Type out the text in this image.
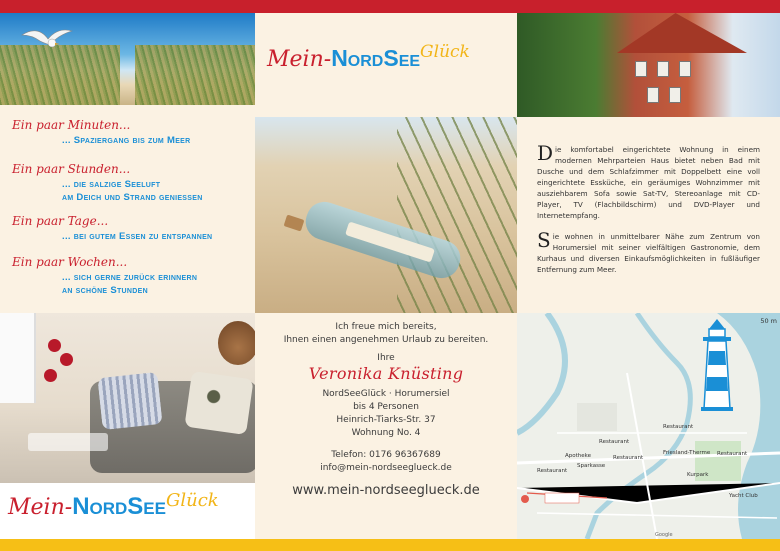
Ein paar Minuten...
... Spaziergang bis zum Meer
Ein paar Stunden...
... die salzige Seeluft
am Deich und Strand geniessen
Ein paar Tage...
... bei gutem Essen zu entspannen
Ein paar Wochen...
... sich gerne zurück erinnern
an schöne Stunden
Mein-NordSeeGlück
Mein-NordSeeGlück
Ich freue mich bereits,
Ihnen einen angenehmen Urlaub zu bereiten.
Ihre
Veronika Knüsting
NordSeeGlück · Horumersiel
bis 4 Personen
Heinrich-Tiarks-Str. 37
Wohnung No. 4
Telefon: 0176 96367689
info@mein-nordseeglueck.de
www.mein-nordseeglueck.de

Die komfortabel eingerichtete Wohnung in einem modernen Mehrparteien Haus bietet neben Bad mit Dusche und dem Schlafzimmer mit Doppelbett eine voll eingerichtete Essküche, ein geräumiges Wohnzimmer mit ausziehbarem Sofa sowie Sat-TV, Stereoanlage mit CD-Player, TV (Flachbildschirm) und DVD-Player und Internetempfang.

Sie wohnen in unmittelbarer Nähe zum Zentrum von Horumersiel mit seiner vielfältigen Gastronomie, dem Kurhaus und diversen Einkaufsmöglichkeiten in fußläufiger Entfernung zum Meer.

50 m
Restaurant
Restaurant
Apotheke	Restaurant
Sparkasse
Restaurant
Friesland-Therme Restaurant
Kurpark
Yacht Club
Google
